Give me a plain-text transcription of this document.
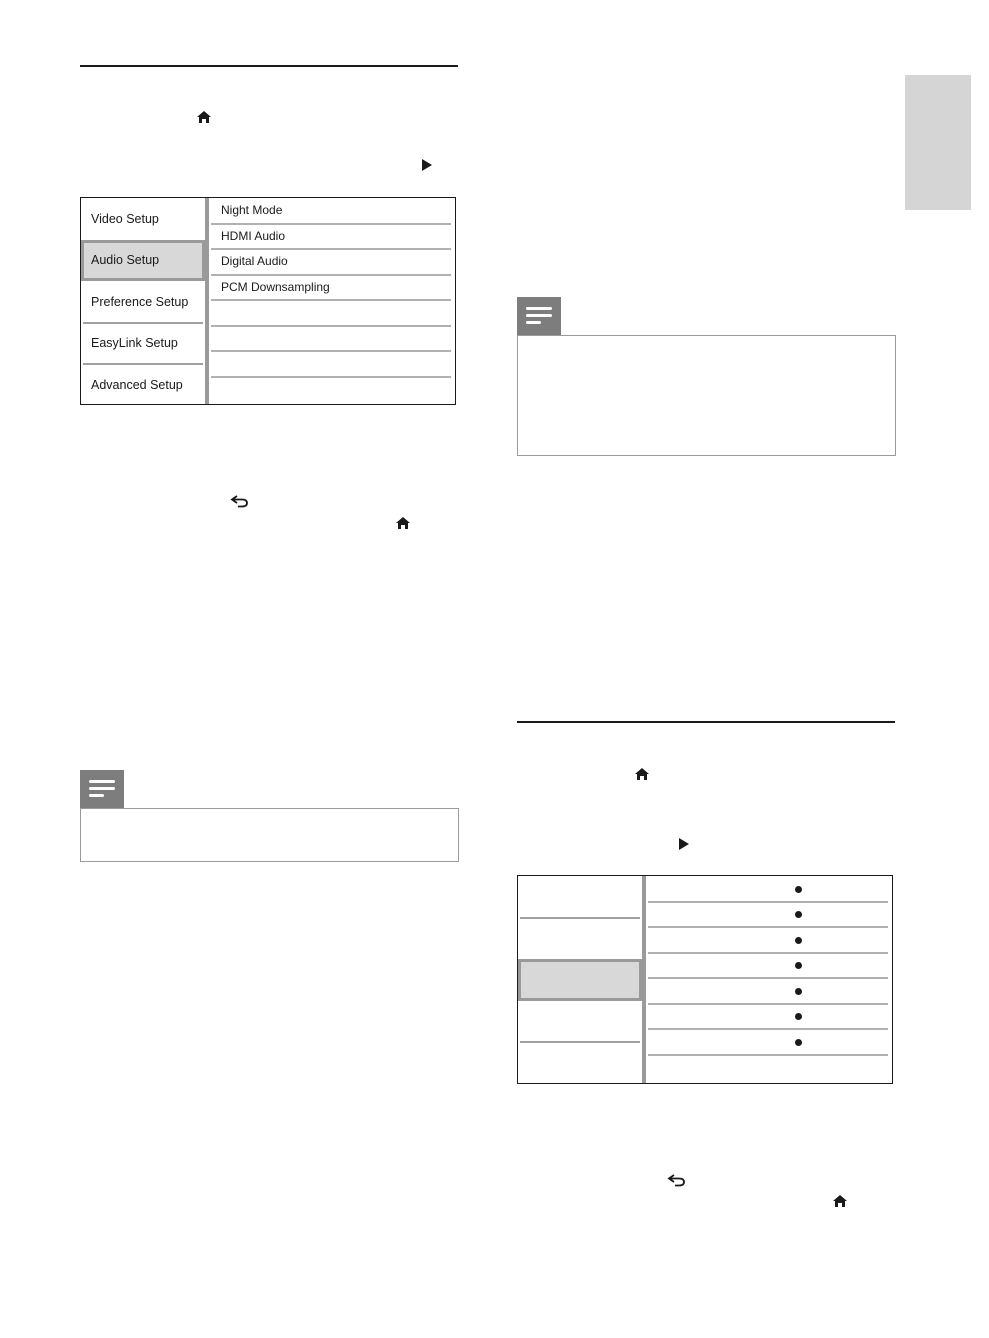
Video Setup
Audio Setup
Preference Setup
EasyLink Setup
Advanced Setup
Night Mode
HDMI Audio
Digital Audio
PCM Downsampling
